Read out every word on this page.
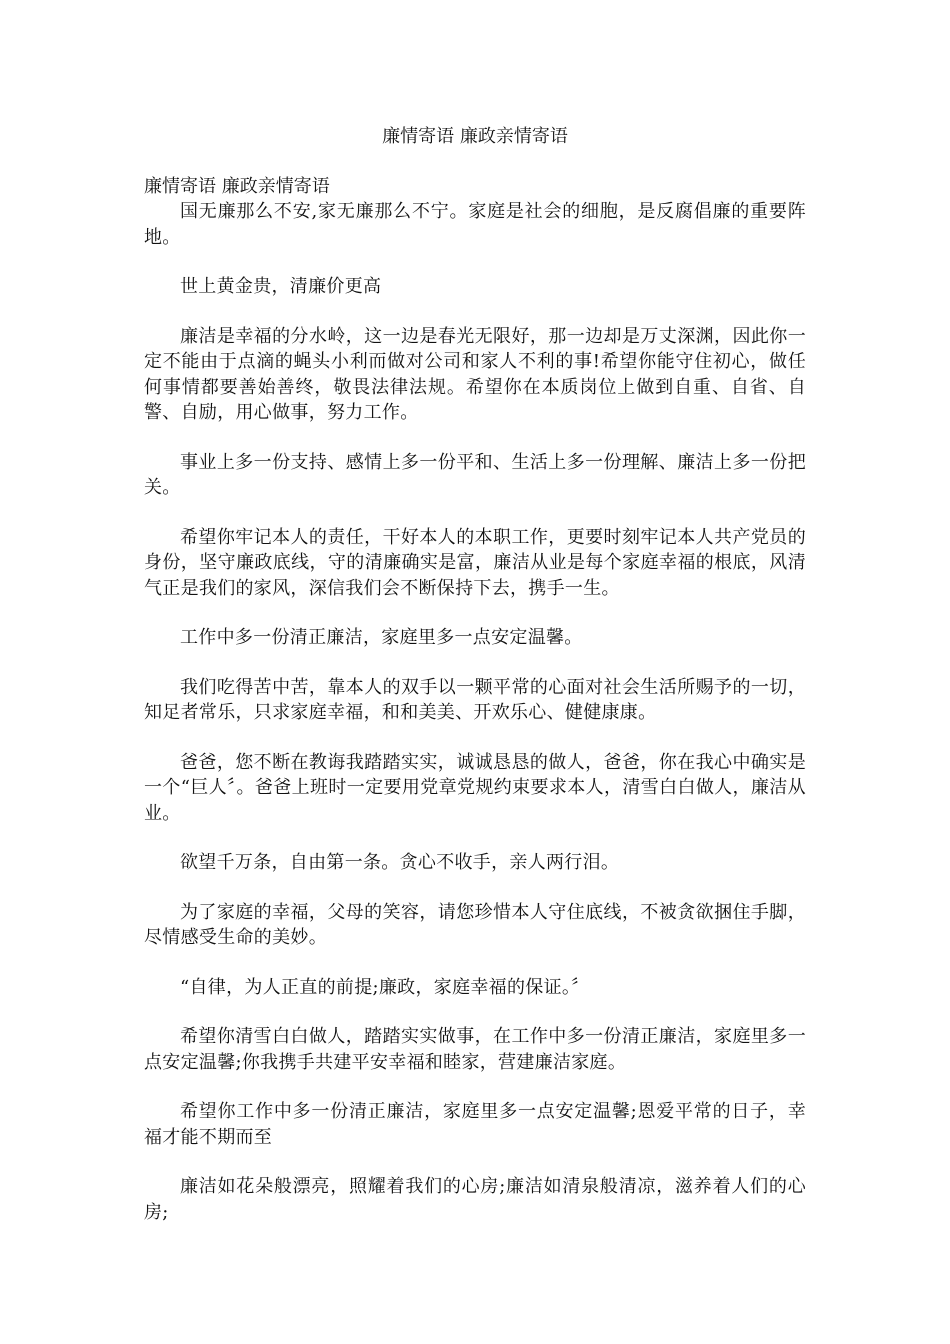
廉情寄语 廉政亲情寄语

廉情寄语 廉政亲情寄语

国无廉那么不安,家无廉那么不宁。家庭是社会的细胞，是反腐倡廉的重要阵地。

世上黄金贵，清廉价更高

廉洁是幸福的分水岭，这一边是春光无限好，那一边却是万丈深渊，因此你一定不能由于点滴的蝇头小利而做对公司和家人不利的事!希望你能守住初心，做任何事情都要善始善终，敬畏法律法规。希望你在本质岗位上做到自重、自省、自警、自励，用心做事，努力工作。

事业上多一份支持、感情上多一份平和、生活上多一份理解、廉洁上多一份把关。

希望你牢记本人的责任，干好本人的本职工作，更要时刻牢记本人共产党员的身份，坚守廉政底线，守的清廉确实是富，廉洁从业是每个家庭幸福的根底，风清气正是我们的家风，深信我们会不断保持下去，携手一生。

工作中多一份清正廉洁，家庭里多一点安定温馨。

我们吃得苦中苦，靠本人的双手以一颗平常的心面对社会生活所赐予的一切，知足者常乐，只求家庭幸福，和和美美、开欢乐心、健健康康。

爸爸，您不断在教诲我踏踏实实，诚诚恳恳的做人，爸爸，你在我心中确实是一个“巨人〞。爸爸上班时一定要用党章党规约束要求本人，清雪白白做人，廉洁从业。

欲望千万条，自由第一条。贪心不收手，亲人两行泪。

为了家庭的幸福，父母的笑容，请您珍惜本人守住底线，不被贪欲捆住手脚，尽情感受生命的美妙。

“自律，为人正直的前提;廉政，家庭幸福的保证。〞

希望你清雪白白做人，踏踏实实做事，在工作中多一份清正廉洁，家庭里多一点安定温馨;你我携手共建平安幸福和睦家，营建廉洁家庭。

希望你工作中多一份清正廉洁，家庭里多一点安定温馨;恩爱平常的日子，幸福才能不期而至

廉洁如花朵般漂亮，照耀着我们的心房;廉洁如清泉般清凉，滋养着人们的心房;
